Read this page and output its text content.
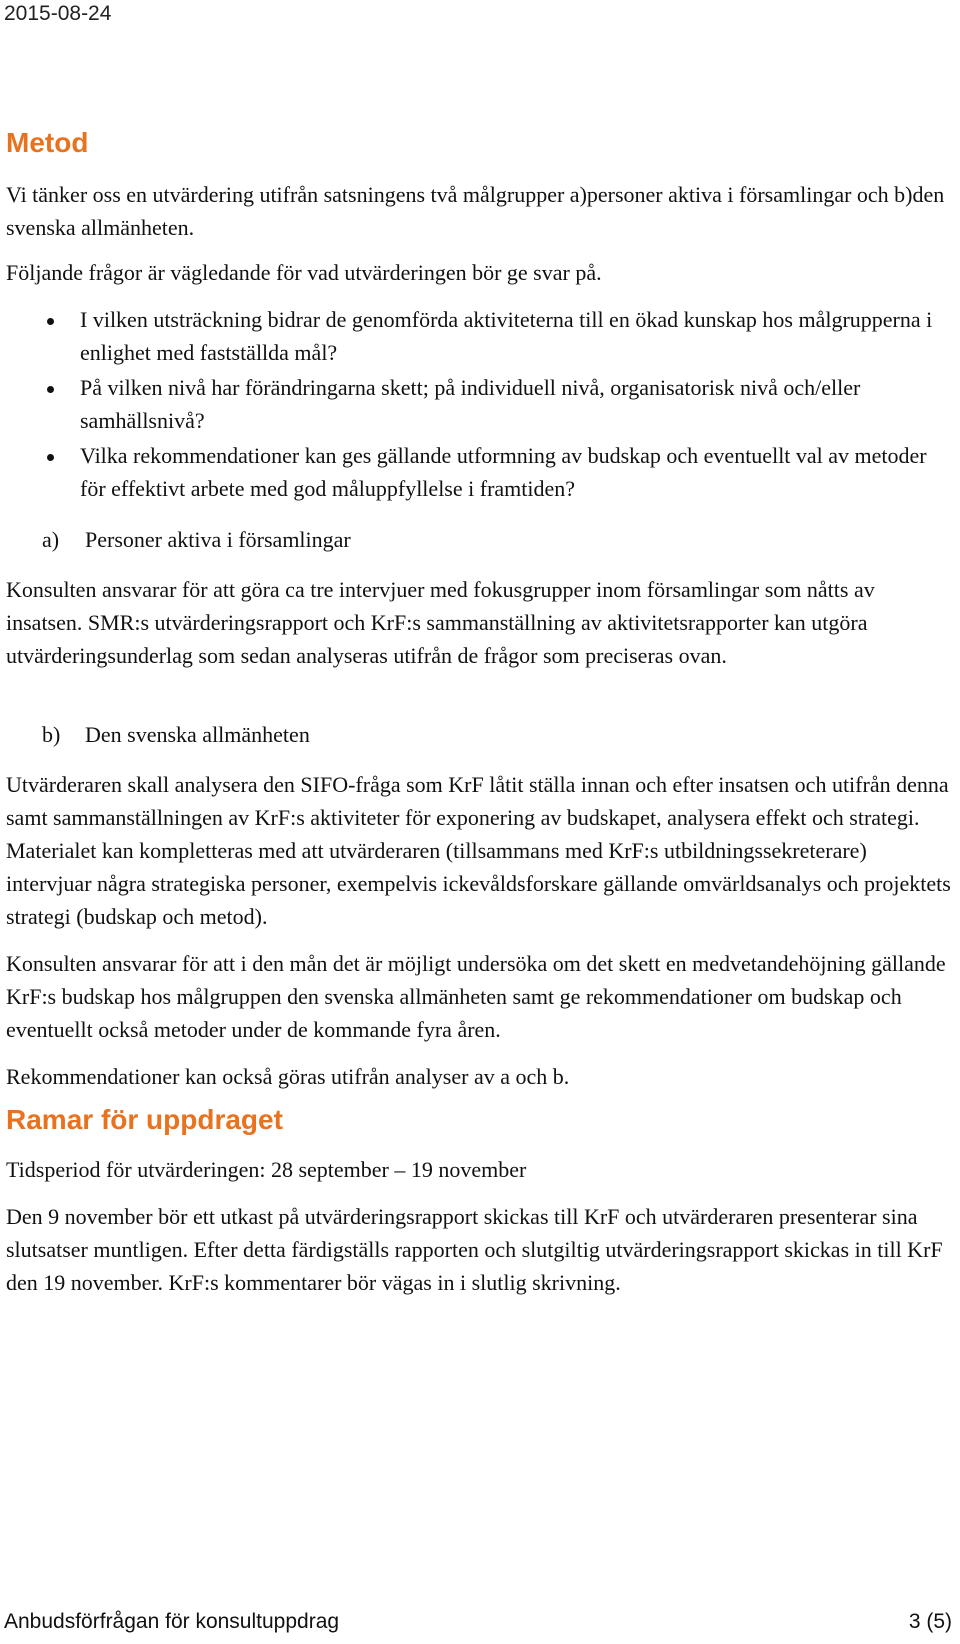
2015-08-24
Metod

Vi tänker oss en utvärdering utifrån satsningens två målgrupper a)personer aktiva i församlingar och b)den svenska allmänheten.

Följande frågor är vägledande för vad utvärderingen bör ge svar på.

I vilken utsträckning bidrar de genomförda aktiviteterna till en ökad kunskap hos målgrupperna i enlighet med fastställda mål?
På vilken nivå har förändringarna skett; på individuell nivå, organisatorisk nivå och/eller samhällsnivå?
Vilka rekommendationer kan ges gällande utformning av budskap och eventuellt val av metoder för effektivt arbete med god måluppfyllelse i framtiden?
a) Personer aktiva i församlingar

Konsulten ansvarar för att göra ca tre intervjuer med fokusgrupper inom församlingar som nåtts av insatsen. SMR:s utvärderingsrapport och KrF:s sammanställning av aktivitetsrapporter kan utgöra utvärderingsunderlag som sedan analyseras utifrån de frågor som preciseras ovan.

b) Den svenska allmänheten

Utvärderaren skall analysera den SIFO-fråga som KrF låtit ställa innan och efter insatsen och utifrån denna samt sammanställningen av KrF:s aktiviteter för exponering av budskapet, analysera effekt och strategi. Materialet kan kompletteras med att utvärderaren (tillsammans med KrF:s utbildningssekreterare) intervjuar några strategiska personer, exempelvis ickevåldsforskare gällande omvärldsanalys och projektets strategi (budskap och metod).

Konsulten ansvarar för att i den mån det är möjligt undersöka om det skett en medvetandehöjning gällande KrF:s budskap hos målgruppen den svenska allmänheten samt ge rekommendationer om budskap och eventuellt också metoder under de kommande fyra åren.

Rekommendationer kan också göras utifrån analyser av a och b.

Ramar för uppdraget

Tidsperiod för utvärderingen: 28 september – 19 november

Den 9 november bör ett utkast på utvärderingsrapport skickas till KrF och utvärderaren presenterar sina slutsatser muntligen. Efter detta färdigställs rapporten och slutgiltig utvärderingsrapport skickas in till KrF den 19 november. KrF:s kommentarer bör vägas in i slutlig skrivning.

Anbudsförfrågan för konsultuppdrag	3 (5)
